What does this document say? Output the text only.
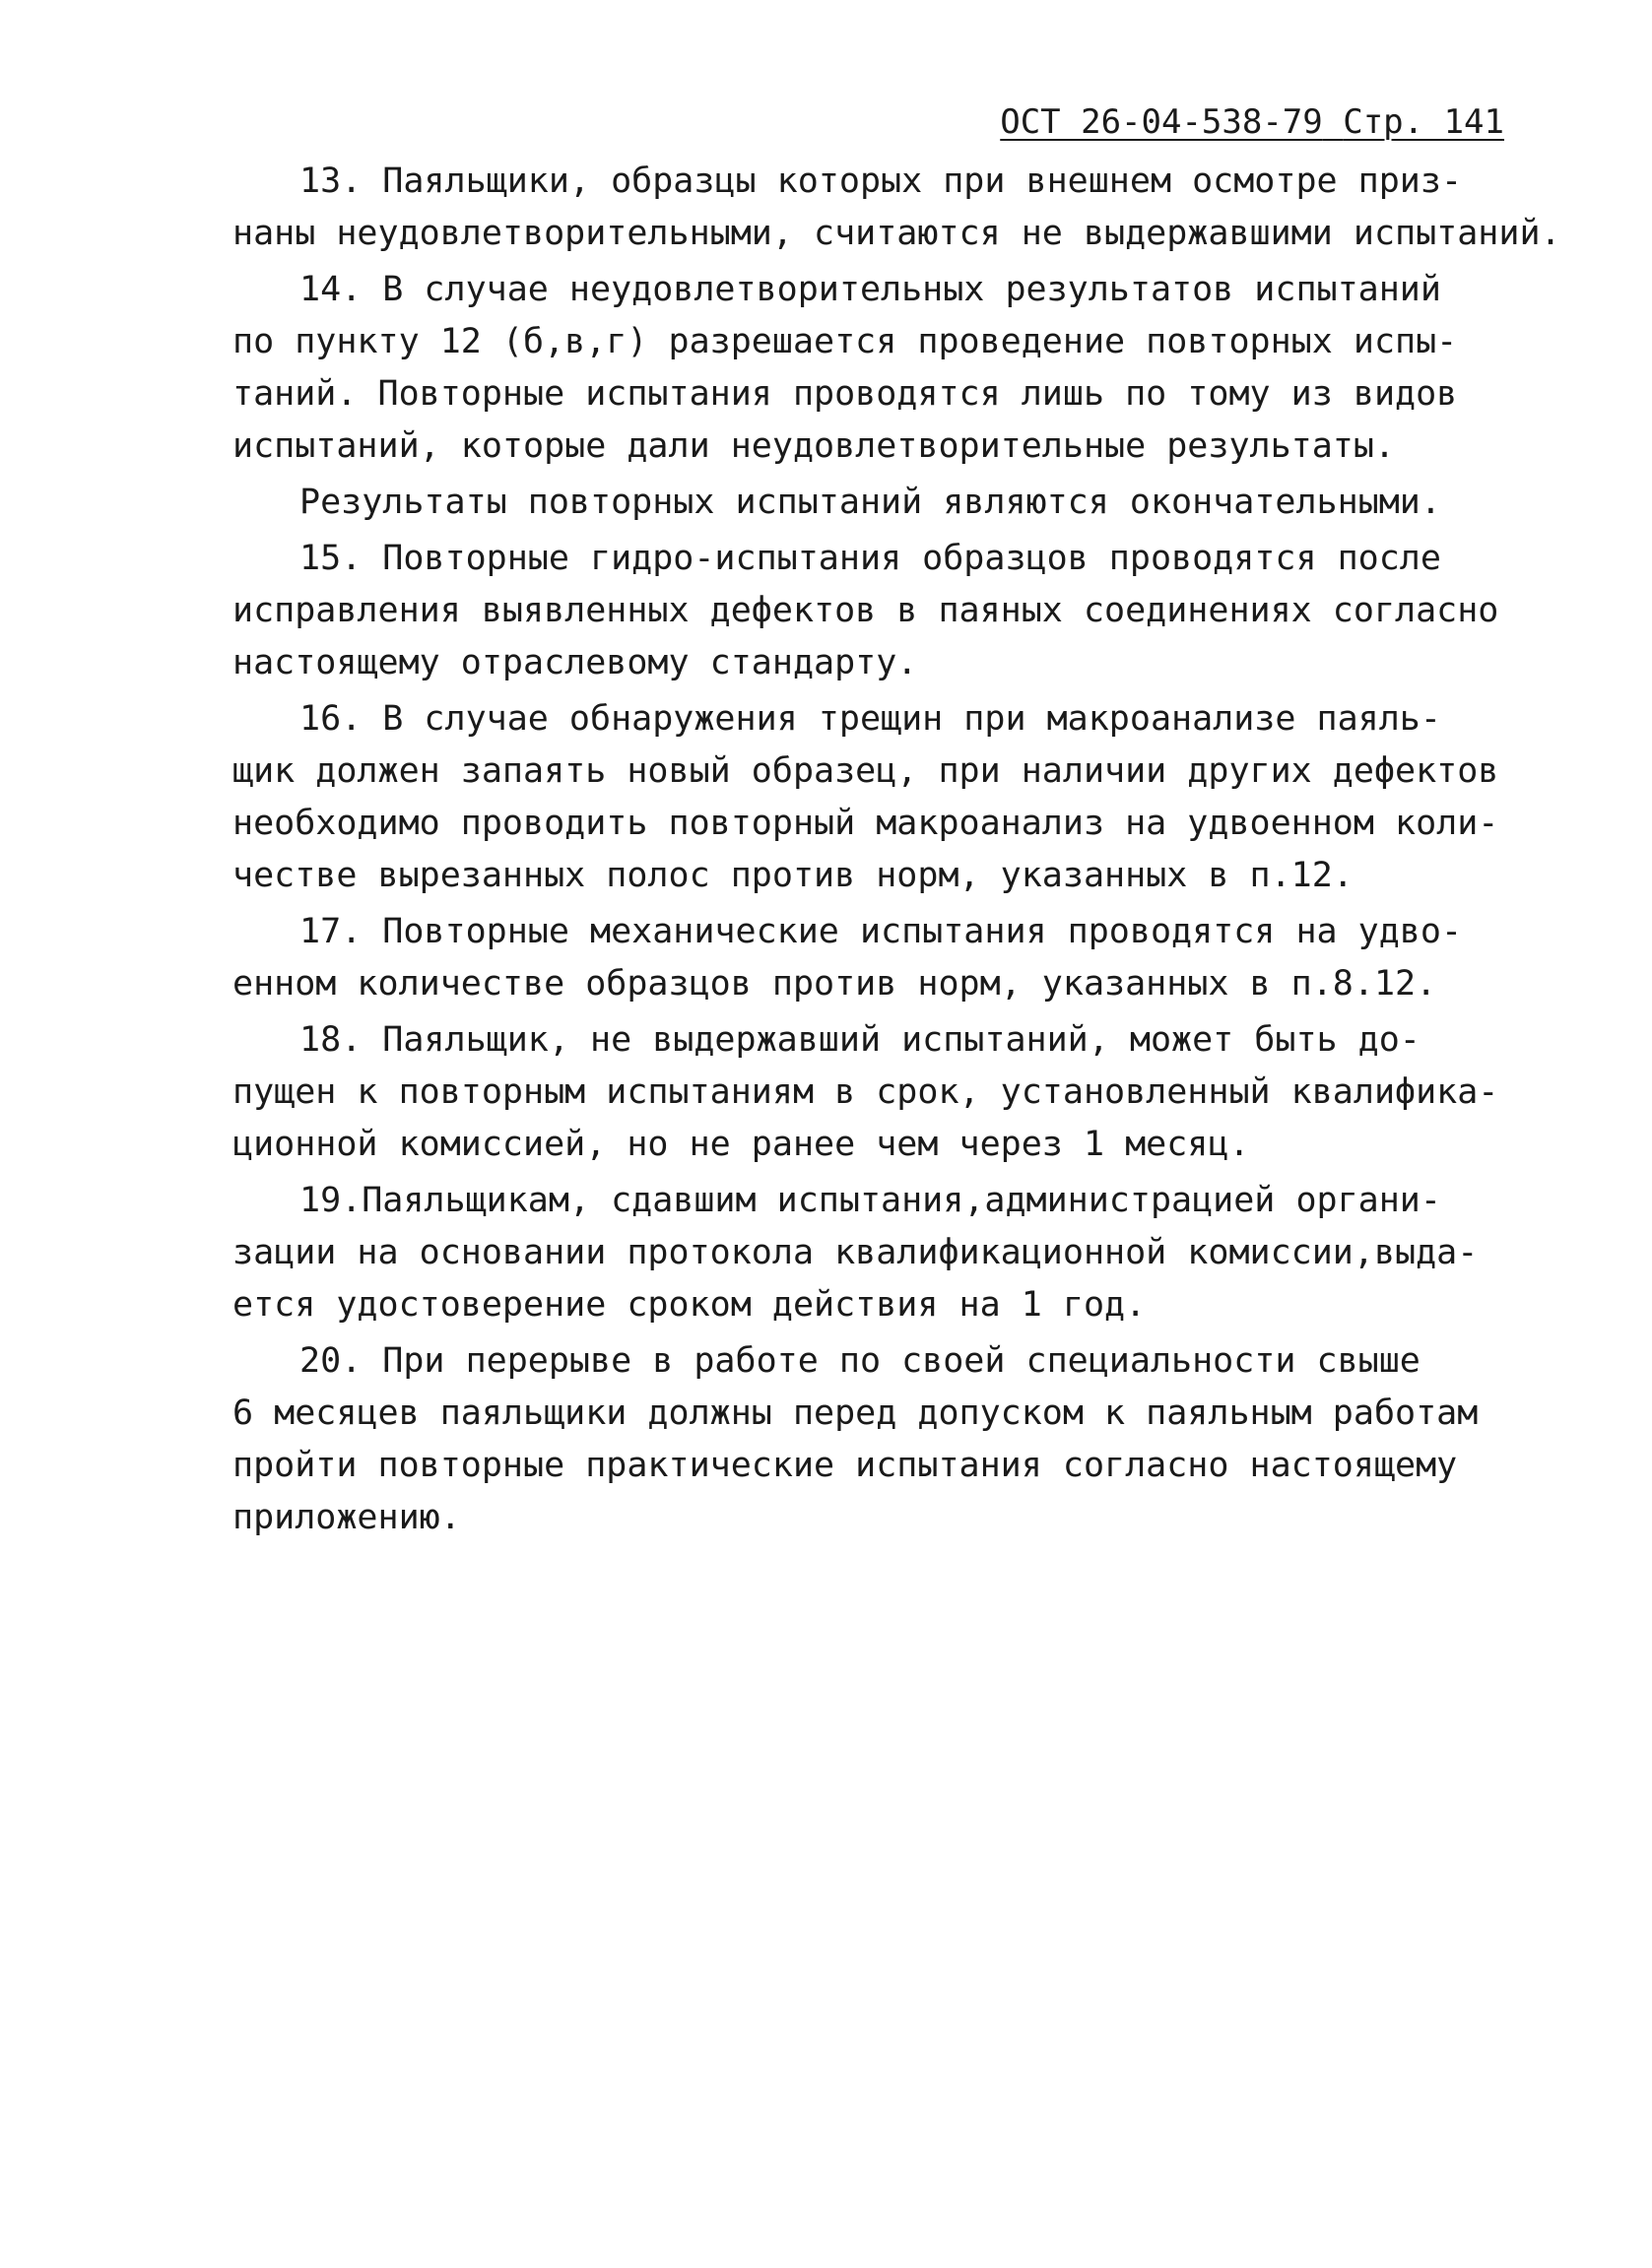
ОСТ 26-04-538-79 Стр. 141
13. Паяльщики, образцы которых при внешнем осмотре приз-
наны неудовлетворительными, считаются не выдержавшими испытаний.
14. В случае неудовлетворительных результатов испытаний
по пункту 12 (б,в,г) разрешается проведение повторных испы-
таний. Повторные испытания проводятся лишь по тому из видов
испытаний, которые дали неудовлетворительные результаты.
Результаты повторных испытаний являются окончательными.
15. Повторные гидро-испытания образцов проводятся после
исправления выявленных дефектов в паяных соединениях согласно
настоящему отраслевому стандарту.
16. В случае обнаружения трещин при макроанализе паяль-
щик должен запаять новый образец, при наличии других дефектов
необходимо проводить повторный макроанализ на удвоенном коли-
честве вырезанных полос против норм, указанных в п.12.
17. Повторные механические испытания проводятся на удво-
енном количестве образцов против норм, указанных в п.8.12.
18. Паяльщик, не выдержавший испытаний, может быть до-
пущен к повторным испытаниям в срок, установленный квалифика-
ционной комиссией, но не ранее чем через 1 месяц.
19.Паяльщикам, сдавшим испытания,администрацией органи-
зации на основании протокола квалификационной комиссии,выда-
ется удостоверение сроком действия на 1 год.
20. При перерыве в работе по своей специальности свыше
6 месяцев паяльщики должны перед допуском к паяльным работам
пройти повторные практические испытания согласно настоящему
приложению.
